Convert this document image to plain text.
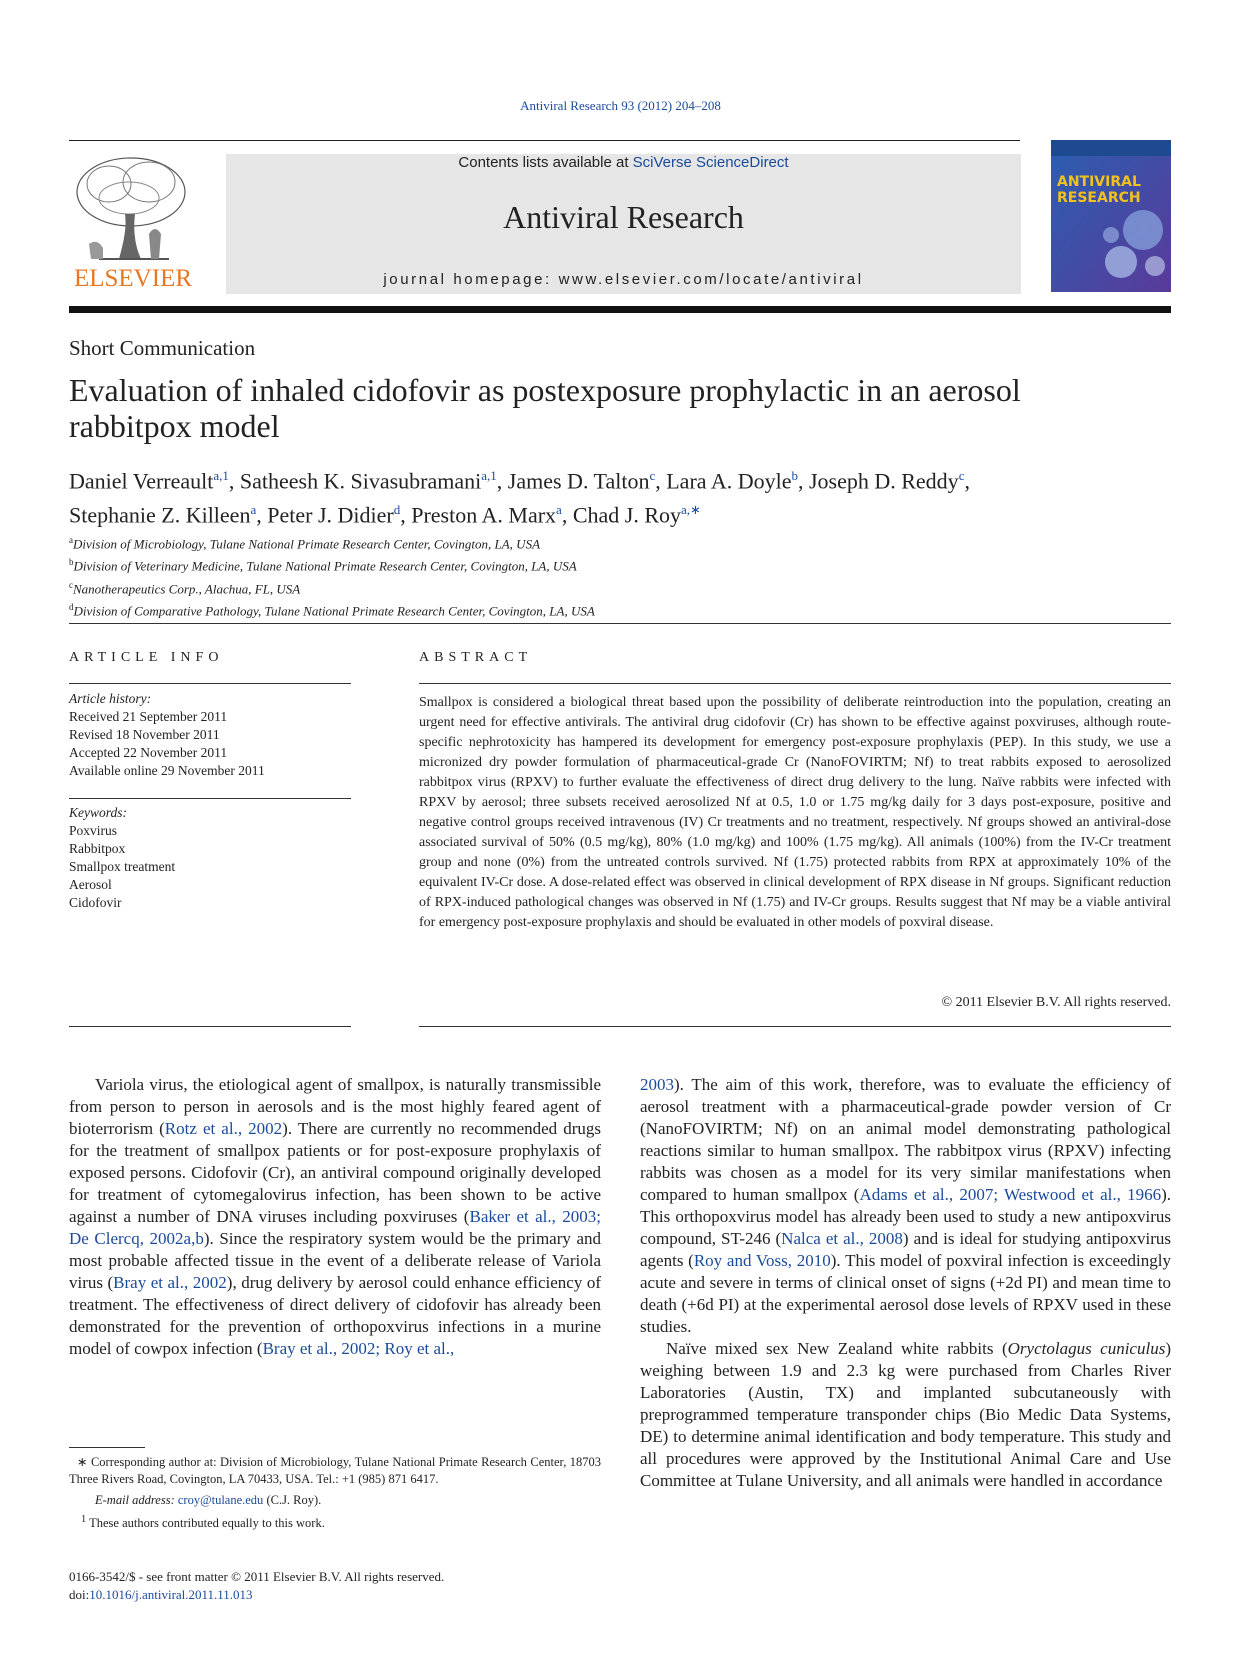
Antiviral Research 93 (2012) 204–208
ELSEVIER
Contents lists available at SciVerse ScienceDirect
Antiviral Research
journal homepage: www.elsevier.com/locate/antiviral
ANTIVIRAL
RESEARCH
Short Communication
Evaluation of inhaled cidofovir as postexposure prophylactic in an aerosol rabbitpox model
Daniel Verreault$^{a,1}$, Satheesh K. Sivasubramani$^{a,1}$, James D. Talton$^c$, Lara A. Doyle$^b$, Joseph D. Reddy$^c$,
Stephanie Z. Killeen$^a$, Peter J. Didier$^d$, Preston A. Marx$^a$, Chad J. Roy$^{a,∗}$
$^a$Division of Microbiology, Tulane National Primate Research Center, Covington, LA, USA
$^b$Division of Veterinary Medicine, Tulane National Primate Research Center, Covington, LA, USA
$^c$Nanotherapeutics Corp., Alachua, FL, USA
$^d$Division of Comparative Pathology, Tulane National Primate Research Center, Covington, LA, USA
ARTICLE INFO
Article history:
Received 21 September 2011
Revised 18 November 2011
Accepted 22 November 2011
Available online 29 November 2011
Keywords:
Poxvirus
Rabbitpox
Smallpox treatment
Aerosol
Cidofovir
ABSTRACT
Smallpox is considered a biological threat based upon the possibility of deliberate reintroduction into the population, creating an urgent need for effective antivirals. The antiviral drug cidofovir (Cr) has shown to be effective against poxviruses, although route-specific nephrotoxicity has hampered its development for emergency post-exposure prophylaxis (PEP). In this study, we use a micronized dry powder formulation of pharmaceutical-grade Cr (NanoFOVIRTM; Nf) to treat rabbits exposed to aerosolized rabbitpox virus (RPXV) to further evaluate the effectiveness of direct drug delivery to the lung. Naïve rabbits were infected with RPXV by aerosol; three subsets received aerosolized Nf at 0.5, 1.0 or 1.75 mg/kg daily for 3 days post-exposure, positive and negative control groups received intravenous (IV) Cr treatments and no treatment, respectively. Nf groups showed an antiviral-dose associated survival of 50% (0.5 mg/kg), 80% (1.0 mg/kg) and 100% (1.75 mg/kg). All animals (100%) from the IV-Cr treatment group and none (0%) from the untreated controls survived. Nf (1.75) protected rabbits from RPX at approximately 10% of the equivalent IV-Cr dose. A dose-related effect was observed in clinical development of RPX disease in Nf groups. Significant reduction of RPX-induced pathological changes was observed in Nf (1.75) and IV-Cr groups. Results suggest that Nf may be a viable antiviral for emergency post-exposure prophylaxis and should be evaluated in other models of poxviral disease.
© 2011 Elsevier B.V. All rights reserved.

Variola virus, the etiological agent of smallpox, is naturally transmissible from person to person in aerosols and is the most highly feared agent of bioterrorism (Rotz et al., 2002). There are currently no recommended drugs for the treatment of smallpox patients or for post-exposure prophylaxis of exposed persons. Cidofovir (Cr), an antiviral compound originally developed for treatment of cytomegalovirus infection, has been shown to be active against a number of DNA viruses including poxviruses (Baker et al., 2003; De Clercq, 2002a,b). Since the respiratory system would be the primary and most probable affected tissue in the event of a deliberate release of Variola virus (Bray et al., 2002), drug delivery by aerosol could enhance efficiency of treatment. The effectiveness of direct delivery of cidofovir has already been demonstrated for the prevention of orthopoxvirus infections in a murine model of cowpox infection (Bray et al., 2002; Roy et al.,

2003). The aim of this work, therefore, was to evaluate the efficiency of aerosol treatment with a pharmaceutical-grade powder version of Cr (NanoFOVIRTM; Nf) on an animal model demonstrating pathological reactions similar to human smallpox. The rabbitpox virus (RPXV) infecting rabbits was chosen as a model for its very similar manifestations when compared to human smallpox (Adams et al., 2007; Westwood et al., 1966). This orthopoxvirus model has already been used to study a new antipoxvirus compound, ST-246 (Nalca et al., 2008) and is ideal for studying antipoxvirus agents (Roy and Voss, 2010). This model of poxviral infection is exceedingly acute and severe in terms of clinical onset of signs (+2d PI) and mean time to death (+6d PI) at the experimental aerosol dose levels of RPXV used in these studies.

Naïve mixed sex New Zealand white rabbits (Oryctolagus cuniculus) weighing between 1.9 and 2.3 kg were purchased from Charles River Laboratories (Austin, TX) and implanted subcutaneously with preprogrammed temperature transponder chips (Bio Medic Data Systems, DE) to determine animal identification and body temperature. This study and all procedures were approved by the Institutional Animal Care and Use Committee at Tulane University, and all animals were handled in accordance

∗ Corresponding author at: Division of Microbiology, Tulane National Primate Research Center, 18703 Three Rivers Road, Covington, LA 70433, USA. Tel.: +1 (985) 871 6417.
E-mail address: croy@tulane.edu (C.J. Roy).
$^1$ These authors contributed equally to this work.
0166-3542/$ - see front matter © 2011 Elsevier B.V. All rights reserved.
doi:10.1016/j.antiviral.2011.11.013
